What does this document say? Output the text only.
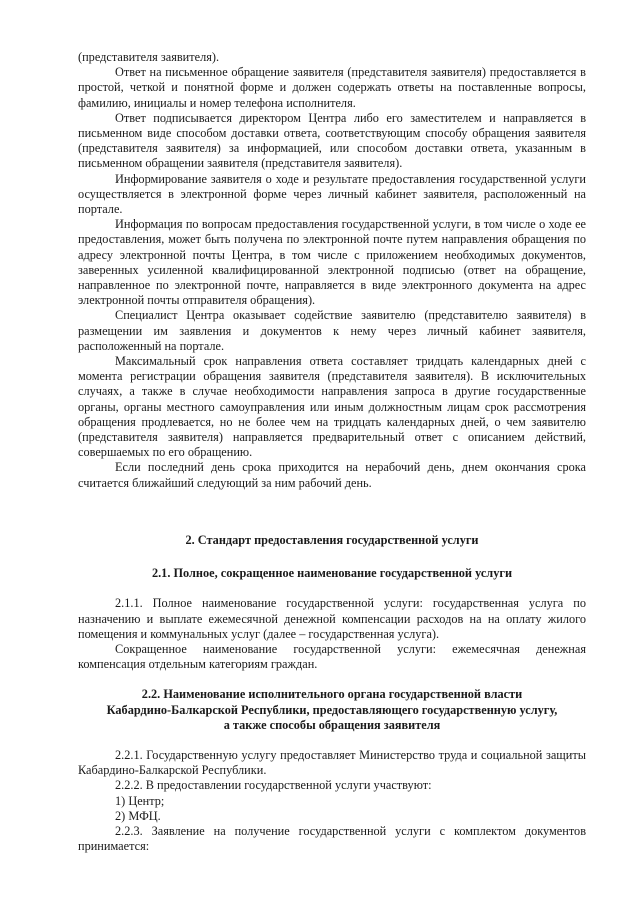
(представителя заявителя).

Ответ на письменное обращение заявителя (представителя заявителя) предоставляется в простой, четкой и понятной форме и должен содержать ответы на поставленные вопросы, фамилию, инициалы и номер телефона исполнителя.

Ответ подписывается директором Центра либо его заместителем и направляется в письменном виде способом доставки ответа, соответствующим способу обращения заявителя (представителя заявителя) за информацией, или способом доставки ответа, указанным в письменном обращении заявителя (представителя заявителя).

Информирование заявителя о ходе и результате предоставления государственной услуги осуществляется в электронной форме через личный кабинет заявителя, расположенный на портале.

Информация по вопросам предоставления государственной услуги, в том числе о ходе ее предоставления, может быть получена по электронной почте путем направления обращения по адресу электронной почты Центра, в том числе с приложением необходимых документов, заверенных усиленной квалифицированной электронной подписью (ответ на обращение, направленное по электронной почте, направляется в виде электронного документа на адрес электронной почты отправителя обращения).

Специалист Центра оказывает содействие заявителю (представителю заявителя) в размещении им заявления и документов к нему через личный кабинет заявителя, расположенный на портале.

Максимальный срок направления ответа составляет тридцать календарных дней с момента регистрации обращения заявителя (представителя заявителя). В исключительных случаях, а также в случае необходимости направления запроса в другие государственные органы, органы местного самоуправления или иным должностным лицам срок рассмотрения обращения продлевается, но не более чем на тридцать календарных дней, о чем заявителю (представителя заявителя) направляется предварительный ответ с описанием действий, совершаемых по его обращению.

Если последний день срока приходится на нерабочий день, днем окончания срока считается ближайший следующий за ним рабочий день.

2. Стандарт предоставления государственной услуги

2.1. Полное, сокращенное наименование государственной услуги

2.1.1. Полное наименование государственной услуги: государственная услуга по назначению и выплате ежемесячной денежной компенсации расходов на на оплату жилого помещения и коммунальных услуг (далее – государственная услуга).

Сокращенное наименование государственной услуги: ежемесячная денежная компенсация отдельным категориям граждан.

2.2. Наименование исполнительного органа государственной власти
Кабардино-Балкарской Республики, предоставляющего государственную услугу,
а также способы обращения заявителя

2.2.1. Государственную услугу предоставляет Министерство труда и социальной защиты Кабардино-Балкарской Республики.

2.2.2. В предоставлении государственной услуги участвуют:

1) Центр;

2) МФЦ.

2.2.3. Заявление на получение государственной услуги с комплектом документов принимается:
